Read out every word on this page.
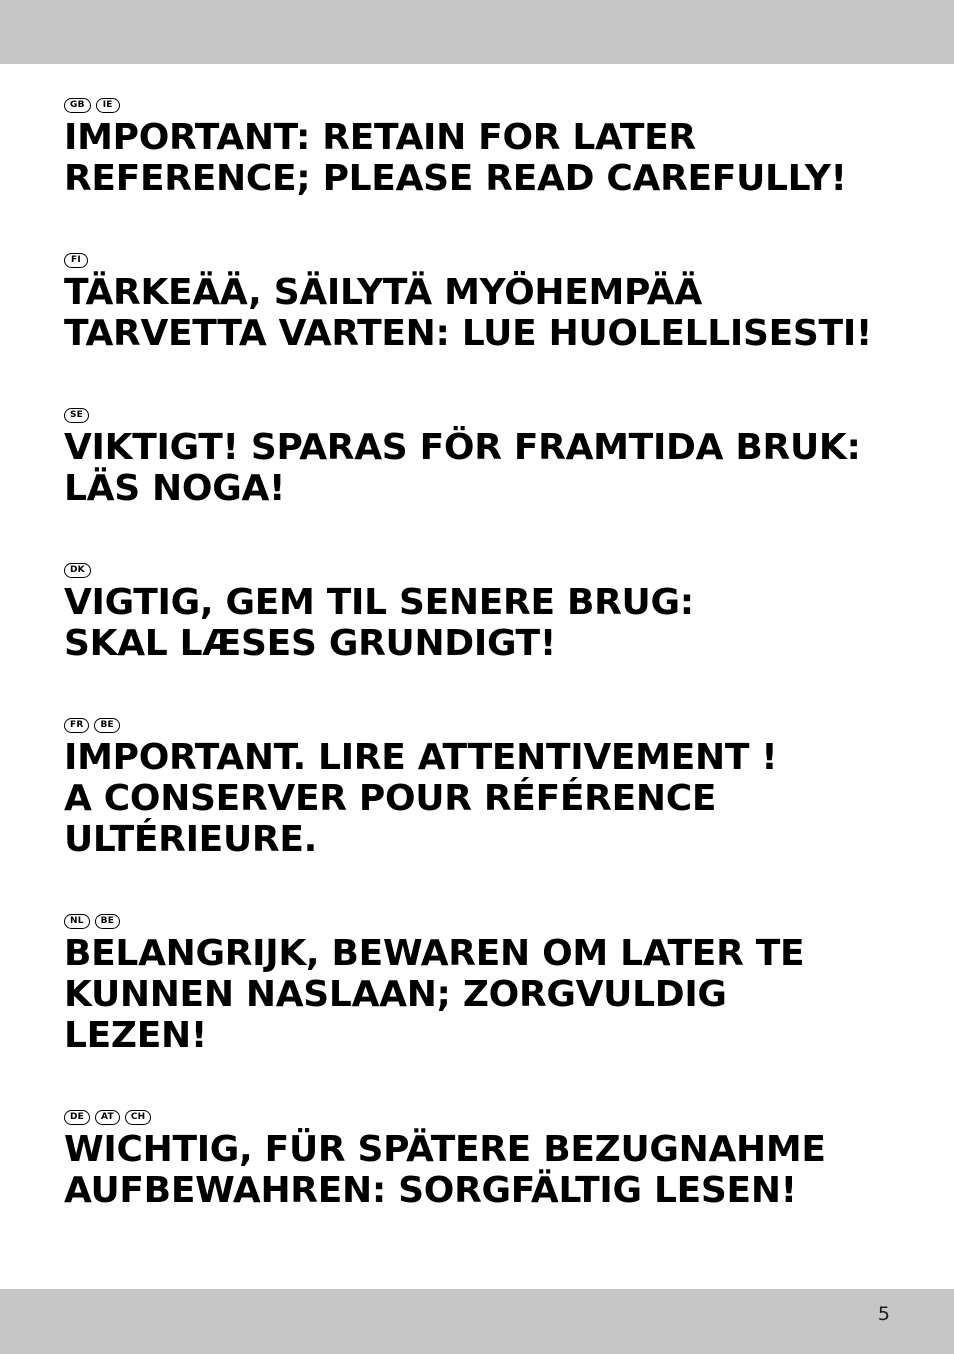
GB	IE
IMPORTANT: RETAIN FOR LATER
REFERENCE; PLEASE READ CAREFULLY!
FI
TÄRKEÄÄ, SÄILYTÄ MYÖHEMPÄÄ
TARVETTA VARTEN: LUE HUOLELLISESTI!
SE
VIKTIGT! SPARAS FÖR FRAMTIDA BRUK:
LÄS NOGA!
DK
VIGTIG, GEM TIL SENERE BRUG:
SKAL LÆSES GRUNDIGT!
FR	BE
IMPORTANT. LIRE ATTENTIVEMENT !
A CONSERVER POUR RÉFÉRENCE
ULTÉRIEURE.
NL	BE
BELANGRIJK, BEWAREN OM LATER TE
KUNNEN NASLAAN; ZORGVULDIG
LEZEN!
DE	AT	CH
WICHTIG, FÜR SPÄTERE BEZUGNAHME
AUFBEWAHREN: SORGFÄLTIG LESEN!
5
